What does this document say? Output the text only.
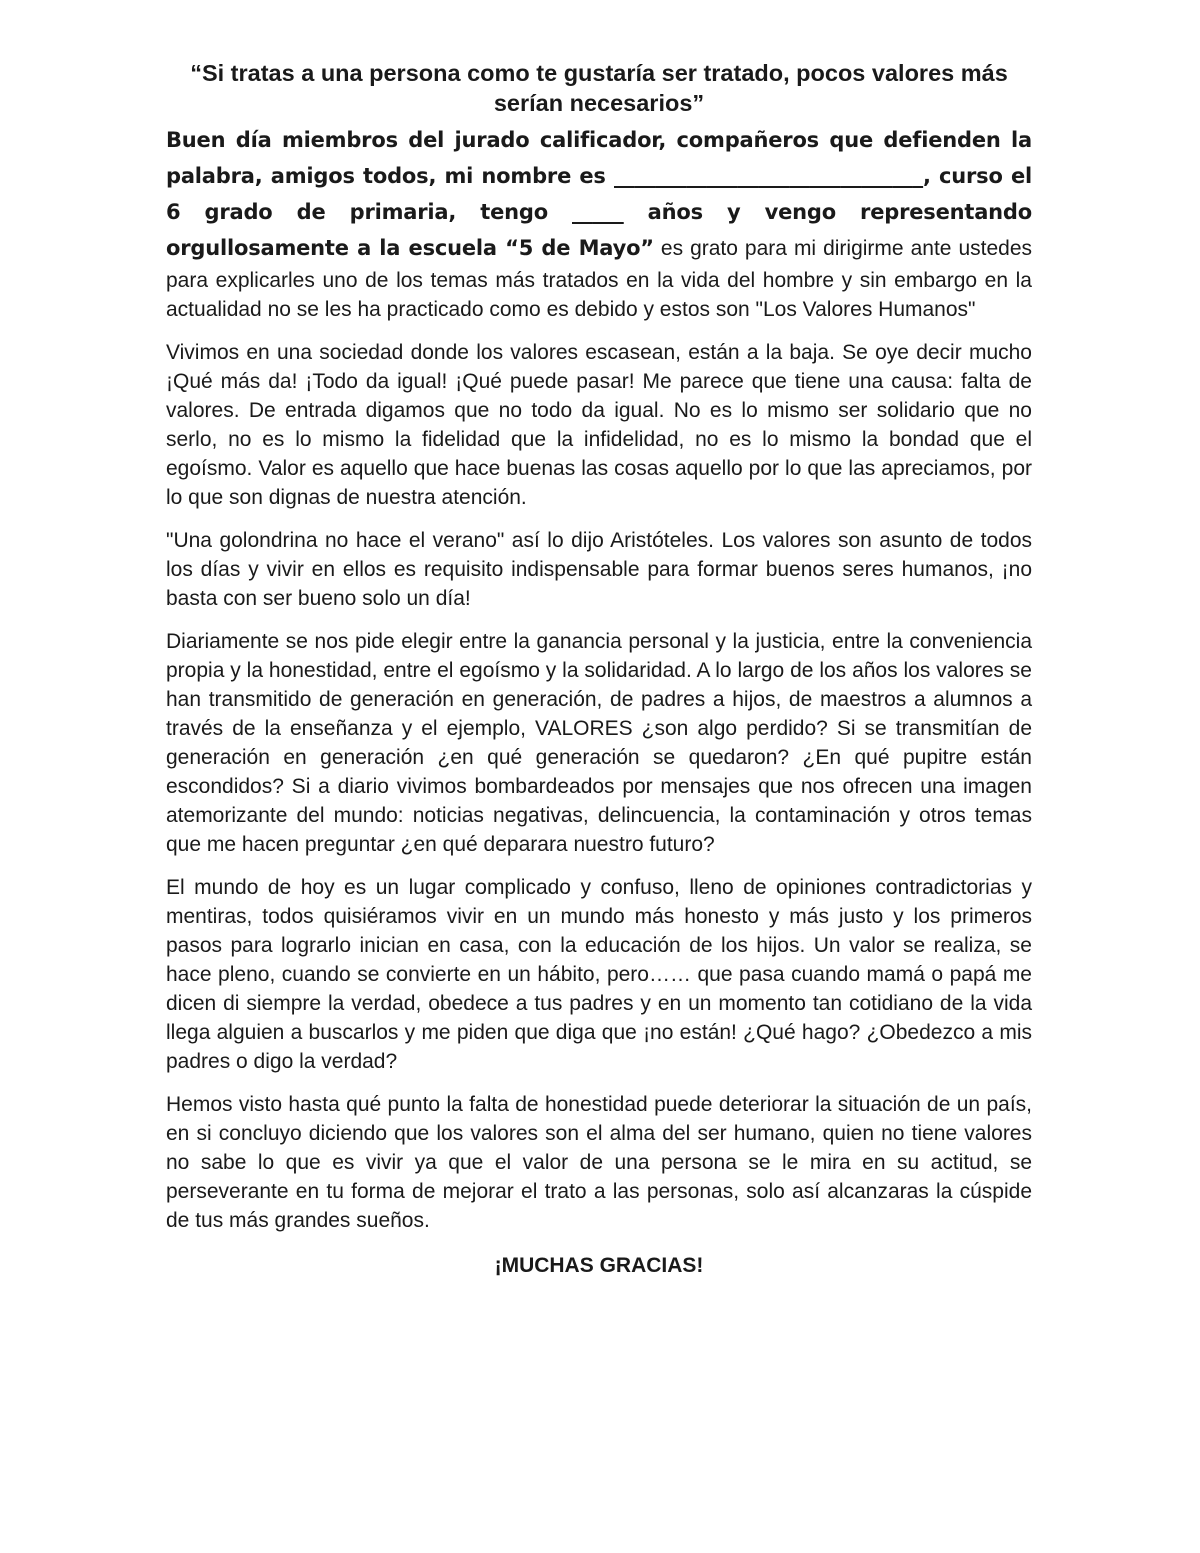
“Si tratas a una persona como te gustaría ser tratado, pocos valores más serían necesarios”

Buen día miembros del jurado calificador, compañeros que defienden la palabra, amigos todos, mi nombre es ______________________________, curso el 6 grado de primaria, tengo _____ años y vengo representando orgullosamente a la escuela “5 de Mayo” es grato para mi dirigirme ante ustedes para explicarles uno de los temas más tratados en la vida del hombre y sin embargo en la actualidad no se les ha practicado como es debido y estos son "Los Valores Humanos"

Vivimos en una sociedad donde los valores escasean, están a la baja. Se oye decir mucho ¡Qué más da! ¡Todo da igual! ¡Qué puede pasar! Me parece que tiene una causa: falta de valores. De entrada digamos que no todo da igual. No es lo mismo ser solidario que no serlo, no es lo mismo la fidelidad que la infidelidad, no es lo mismo la bondad que el egoísmo. Valor es aquello que hace buenas las cosas aquello por lo que las apreciamos, por lo que son dignas de nuestra atención.

"Una golondrina no hace el verano" así lo dijo Aristóteles. Los valores son asunto de todos los días y vivir en ellos es requisito indispensable para formar buenos seres humanos, ¡no basta con ser bueno solo un día!

Diariamente se nos pide elegir entre la ganancia personal y la justicia, entre la conveniencia propia y la honestidad, entre el egoísmo y la solidaridad. A lo largo de los años los valores se han transmitido de generación en generación, de padres a hijos, de maestros a alumnos a través de la enseñanza y el ejemplo, VALORES ¿son algo perdido? Si se transmitían de generación en generación ¿en qué generación se quedaron? ¿En qué pupitre están escondidos? Si a diario vivimos bombardeados por mensajes que nos ofrecen una imagen atemorizante del mundo: noticias negativas, delincuencia, la contaminación y otros temas que me hacen preguntar ¿en qué deparara nuestro futuro?

El mundo de hoy es un lugar complicado y confuso, lleno de opiniones contradictorias y mentiras, todos quisiéramos vivir en un mundo más honesto y más justo y los primeros pasos para lograrlo inician en casa, con la educación de los hijos. Un valor se realiza, se hace pleno, cuando se convierte en un hábito, pero…… que pasa cuando mamá o papá me dicen di siempre la verdad, obedece a tus padres y en un momento tan cotidiano de la vida llega alguien a buscarlos y me piden que diga que ¡no están! ¿Qué hago? ¿Obedezco a mis padres o digo la verdad?

Hemos visto hasta qué punto la falta de honestidad puede deteriorar la situación de un país, en si concluyo diciendo que los valores son el alma del ser humano, quien no tiene valores no sabe lo que es vivir ya que el valor de una persona se le mira en su actitud, se perseverante en tu forma de mejorar el trato a las personas, solo así alcanzaras la cúspide de tus más grandes sueños.

¡MUCHAS GRACIAS!
